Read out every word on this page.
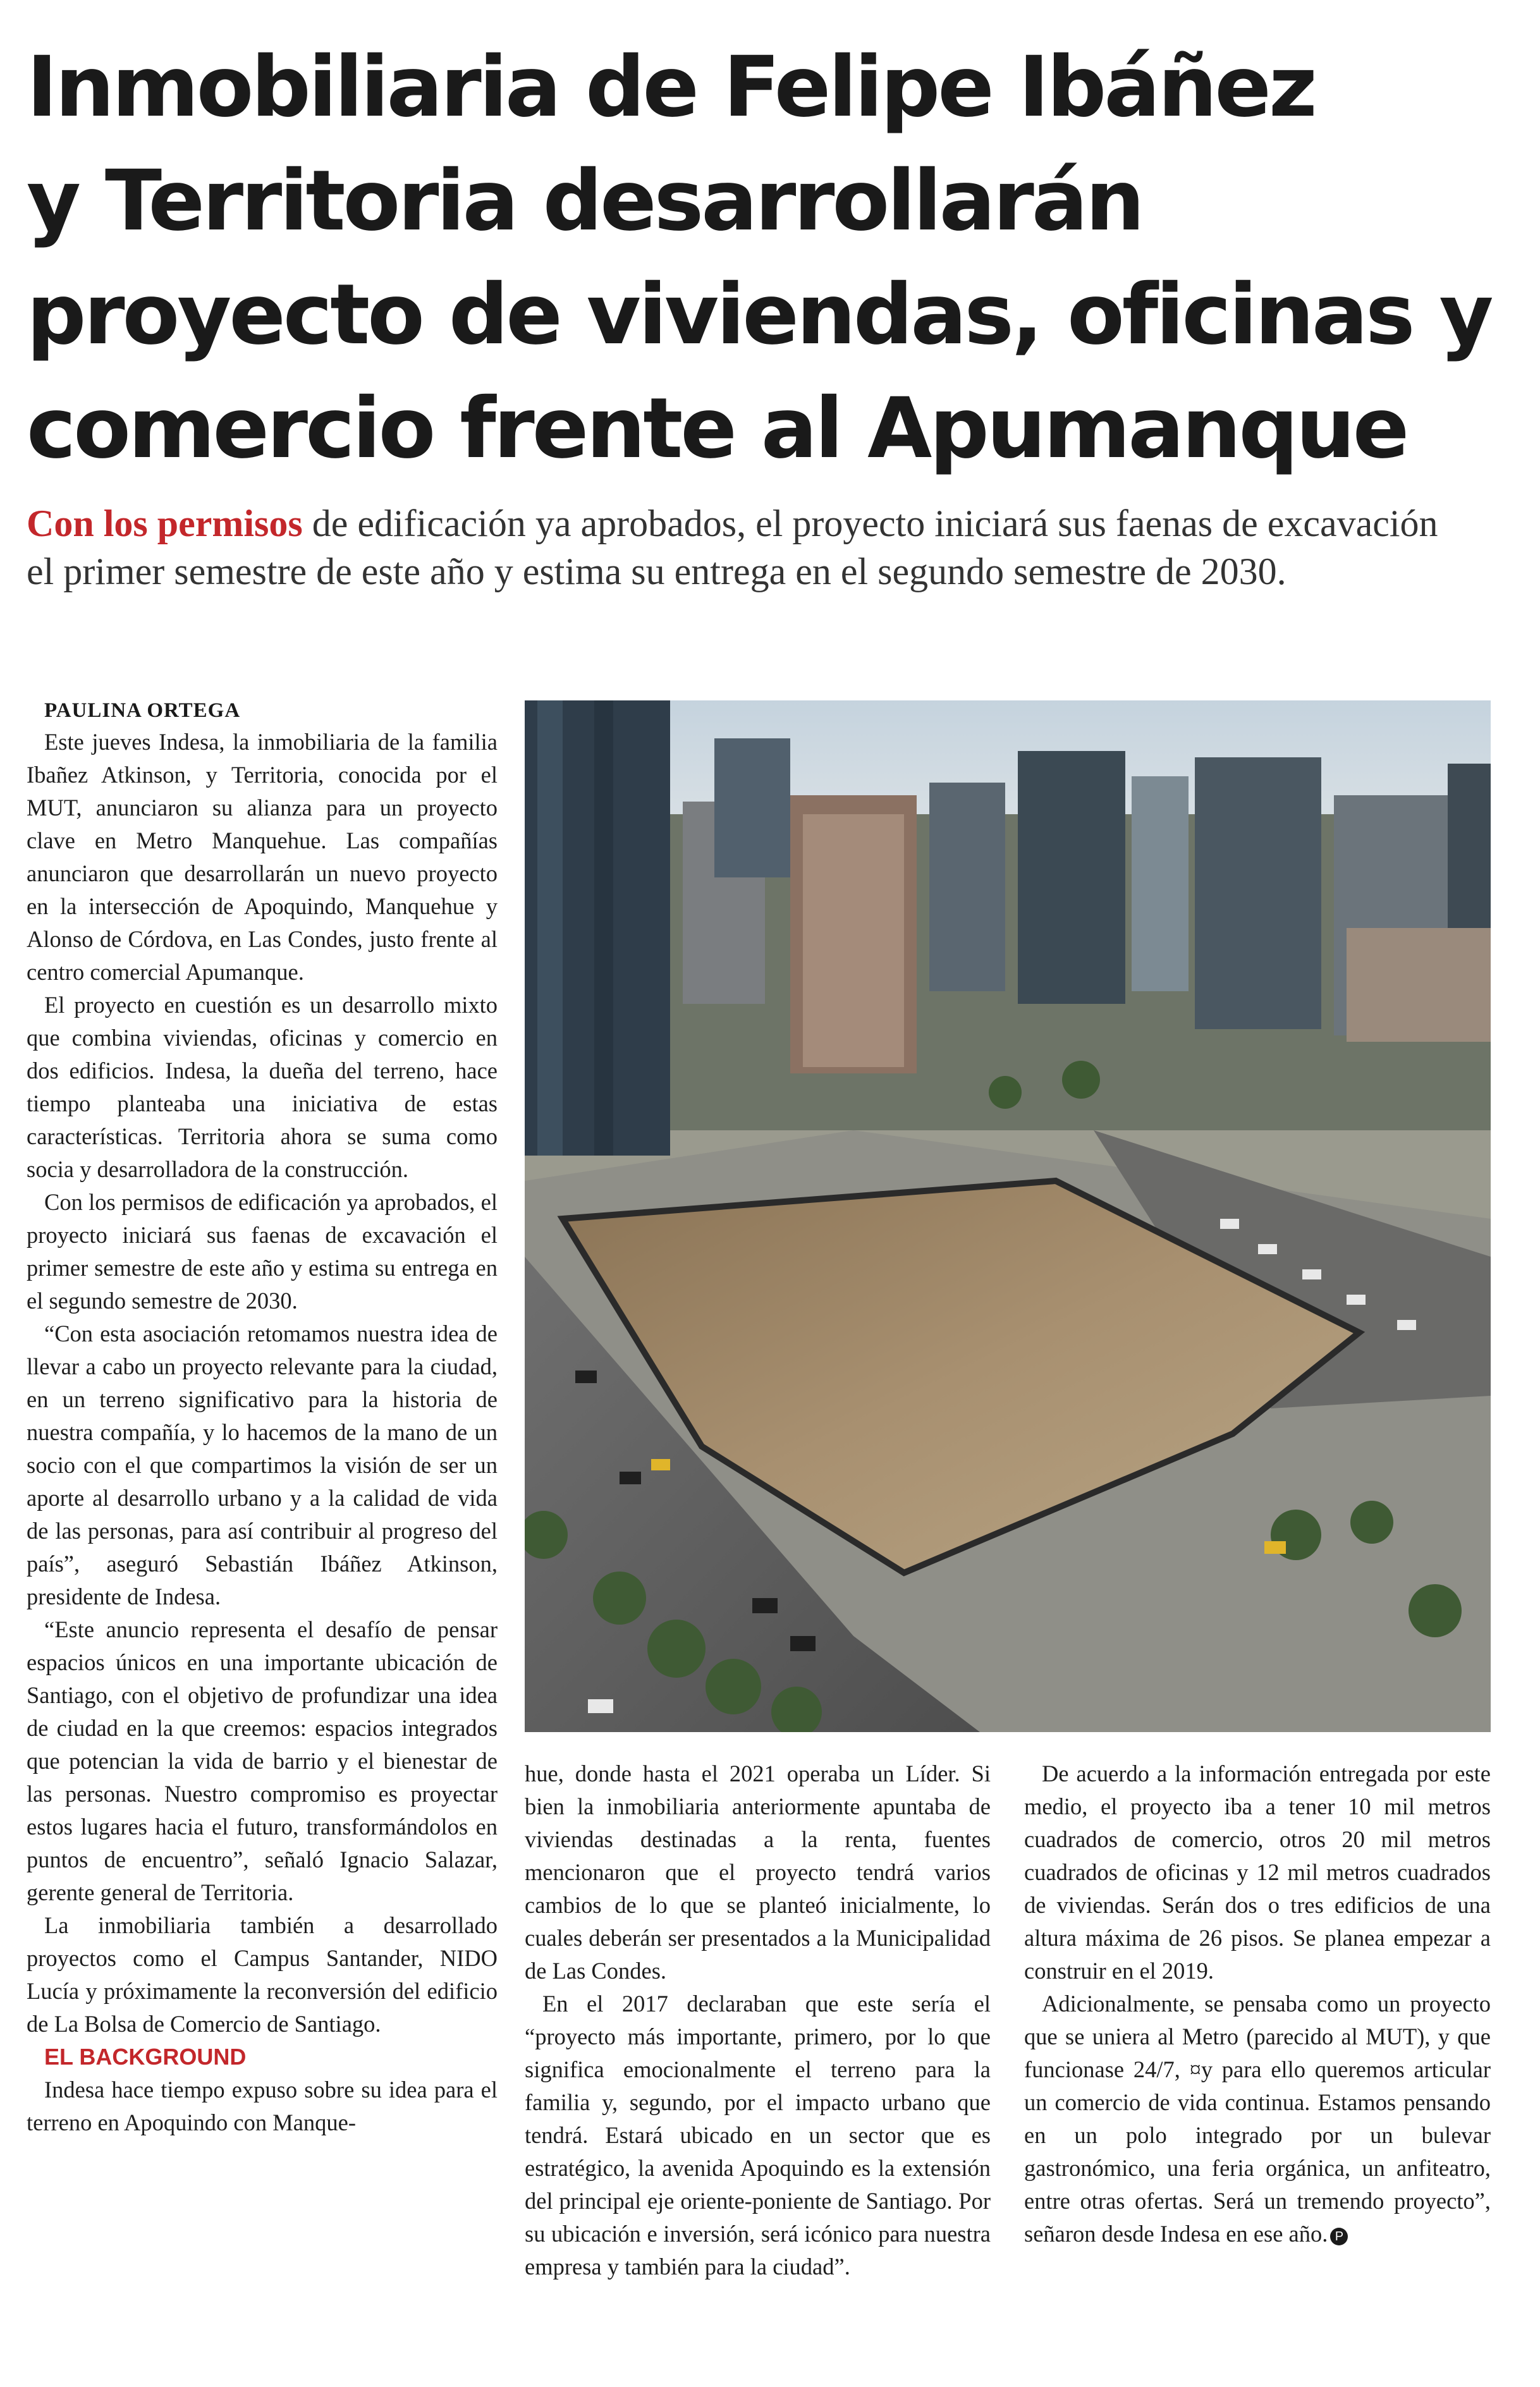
Inmobiliaria de Felipe Ibáñez
y Territoria desarrollarán
proyecto de viviendas, oficinas y
comercio frente al Apumanque
Con los permisos de edificación ya aprobados, el proyecto iniciará sus faenas de excavación el primer semestre de este año y estima su entrega en el segundo semestre de 2030.

PAULINA ORTEGA

Este jueves Indesa, la inmobiliaria de la familia Ibañez Atkinson, y Territoria, conocida por el MUT, anunciaron su alianza para un proyecto clave en Metro Manquehue. Las compañías anunciaron que desarrollarán un nuevo proyecto en la intersección de Apoquindo, Manquehue y Alonso de Córdova, en Las Condes, justo frente al centro comercial Apumanque.

El proyecto en cuestión es un desarrollo mixto que combina viviendas, oficinas y comercio en dos edificios. Indesa, la dueña del terreno, hace tiempo planteaba una iniciativa de estas características. Territoria ahora se suma como socia y desarrolladora de la construcción.

Con los permisos de edificación ya aprobados, el proyecto iniciará sus faenas de excavación el primer semestre de este año y estima su entrega en el segundo semestre de 2030.

“Con esta asociación retomamos nuestra idea de llevar a cabo un proyecto relevante para la ciudad, en un terreno significativo para la historia de nuestra compañía, y lo hacemos de la mano de un socio con el que compartimos la visión de ser un aporte al desarrollo urbano y a la calidad de vida de las personas, para así contribuir al progreso del país”, aseguró Sebastián Ibáñez Atkinson, presidente de Indesa.

“Este anuncio representa el desafío de pensar espacios únicos en una importante ubicación de Santiago, con el objetivo de profundizar una idea de ciudad en la que creemos: espacios integrados que potencian la vida de barrio y el bienestar de las personas. Nuestro compromiso es proyectar estos lugares hacia el futuro, transformándolos en puntos de encuentro”, señaló Ignacio Salazar, gerente general de Territoria.

La inmobiliaria también a desarrollado proyectos como el Campus Santander, NIDO Lucía y próximamente la reconversión del edificio de La Bolsa de Comercio de Santiago.

EL BACKGROUND

Indesa hace tiempo expuso sobre su idea para el terreno en Apoquindo con Manque-

hue, donde hasta el 2021 operaba un Líder. Si bien la inmobiliaria anteriormente apuntaba de viviendas destinadas a la renta, fuentes mencionaron que el proyecto tendrá varios cambios de lo que se planteó inicialmente, lo cuales deberán ser presentados a la Municipalidad de Las Condes.

En el 2017 declaraban que este sería el “proyecto más importante, primero, por lo que significa emocionalmente el terreno para la familia y, segundo, por el impacto urbano que tendrá. Estará ubicado en un sector que es estratégico, la avenida Apoquindo es la extensión del principal eje oriente-poniente de Santiago. Por su ubicación e inversión, será icónico para nuestra empresa y también para la ciudad”.

De acuerdo a la información entregada por este medio, el proyecto iba a tener 10 mil metros cuadrados de comercio, otros 20 mil metros cuadrados de oficinas y 12 mil metros cuadrados de viviendas. Serán dos o tres edificios de una altura máxima de 26 pisos. Se planea empezar a construir en el 2019.

Adicionalmente, se pensaba como un proyecto que se uniera al Metro (parecido al MUT), y que funcionase 24/7, ¤y para ello queremos articular un comercio de vida continua. Estamos pensando en un polo integrado por un bulevar gastronómico, una feria orgánica, un anfiteatro, entre otras ofertas. Será un tremendo proyecto”, señaron desde Indesa en ese año. P
